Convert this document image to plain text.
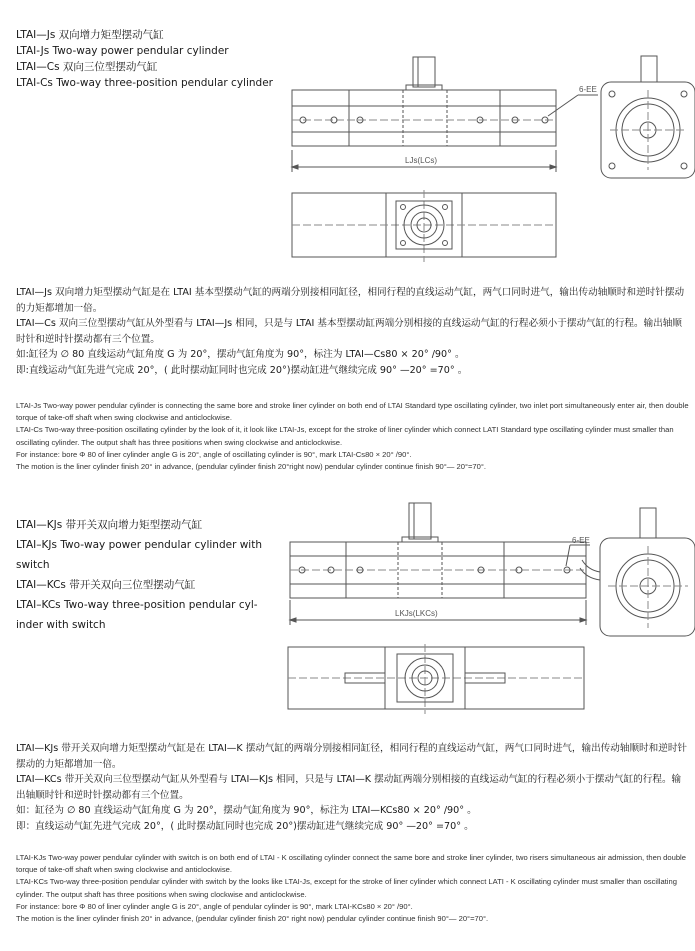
LTAI—Js 双向增力矩型摆动气缸
LTAI-Js Two-way power pendular cylinder
LTAI—Cs 双向三位型摆动气缸
LTAI-Cs Two-way three-position pendular cylinder
LJs(LCs)
6-EE
LTAI—Js 双向增力矩型摆动气缸是在 LTAI 基本型摆动气缸的两端分别接相同缸径，相同行程的直线运动气缸，两气口同时进气，输出传动轴顺时和逆时针摆动的力矩都增加一倍。
LTAI—Cs 双向三位型摆动气缸从外型看与 LTAI—Js 相同，只是与 LTAI 基本型摆动缸两端分别相接的直线运动气缸的行程必须小于摆动气缸的行程。输出轴顺时针和逆时针摆动都有三个位置。
如:缸径为 ∅ 80 直线运动气缸角度 G 为 20°，摆动气缸角度为 90°，标注为 LTAI—Cs80 × 20° /90° 。
即:直线运动气缸先进气完成 20°，( 此时摆动缸同时也完成 20°)摆动缸进气继续完成 90° —20° =70° 。
LTAI-Js Two-way power pendular cylinder is connecting the same bore and stroke liner cylinder on both end of LTAI Standard type oscillating cylinder, two inlet port simultaneously enter air, then double torque of take-off shaft when swing clockwise and anticlockwise.
LTAI-Cs Two-way three-position oscillating cylinder by the look of it, it look like LTAI-Js, except for the stroke of liner cylinder which connect LATI Standard type oscillating cylinder must smaller than oscillating cylinder. The output shaft has three positions when swing clockwise and anticlockwise.
For instance: bore Φ 80 of liner cylinder angle G is 20°, angle of oscillating cylinder is 90°, mark LTAI-Cs80 × 20° /90°.
The motion is the liner cylinder finish 20° in advance, (pendular cylinder finish 20°right now) pendular cylinder continue finish 90°— 20°=70°.
LTAI—KJs 带开关双向增力矩型摆动气缸
LTAI–KJs Two-way power pendular cylinder with
switch
LTAI—KCs 带开关双向三位型摆动气缸
LTAI–KCs Two-way three-position pendular cyl-
inder with switch
LKJs(LKCs)
6-EE
LTAI—KJs 带开关双向增力矩型摆动气缸是在 LTAI—K 摆动气缸的两端分别接相同缸径，相同行程的直线运动气缸，两气口同时进气，输出传动轴顺时和逆时针摆动的力矩都增加一倍。
LTAI—KCs 带开关双向三位型摆动气缸从外型看与 LTAI—KJs 相同，只是与 LTAI—K 摆动缸两端分别相接的直线运动气缸的行程必须小于摆动气缸的行程。输出轴顺时针和逆时针摆动都有三个位置。
如：缸径为 ∅ 80 直线运动气缸角度 G 为 20°，摆动气缸角度为 90°，标注为 LTAI—KCs80 × 20° /90° 。
即：直线运动气缸先进气完成 20°，( 此时摆动缸同时也完成 20°)摆动缸进气继续完成 90° —20° =70° 。
LTAI-KJs Two-way power pendular cylinder with switch is on both end of LTAI - K oscillating cylinder connect the same bore and stroke liner cylinder, two risers simultaneous air admission, then double torque of take-off shaft when swing clockwise and anticlockwise.
LTAI-KCs Two-way three-position pendular cylinder with switch by the looks like LTAI-Js, except for the stroke of liner cylinder which connect LATI - K oscillating cylinder must smaller than oscillating cylinder. The output shaft has three positions when swing clockwise and anticlockwise.
For instance: bore Φ 80 of liner cylinder angle G is 20°, angle of pendular cylinder is 90°, mark LTAI-KCs80 × 20° /90°.
The motion is the liner cylinder finish 20° in advance, (pendular cylinder finish 20° right now) pendular cylinder continue finish 90°— 20°=70°.
